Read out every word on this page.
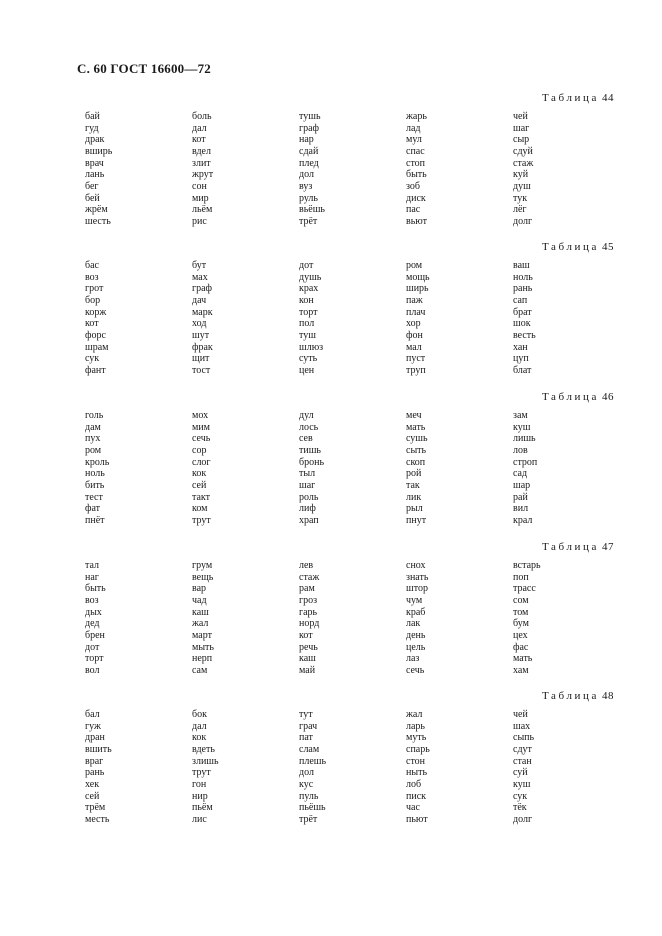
С. 60 ГОСТ 16600—72
Таблица 44
бай
гуд
драк
вширь
врач
лань
бег
бей
жрём
шесть
боль
дал
кот
вдел
злит
жрут
сон
мир
льём
рис
тушь
граф
нар
сдай
плед
дол
вуз
руль
вьёшь
трёт
жарь
лад
мул
спас
стоп
быть
зоб
диск
пас
вьют
чей
шаг
сыр
сдуй
стаж
куй
душ
тук
лёг
долг
Таблица 45
бас
воз
грот
бор
корж
кот
форс
шрам
сук
фант
бут
мах
граф
дач
марк
ход
шут
фрак
щит
тост
дот
душь
крах
кон
торт
пол
туш
шлюз
суть
цен
ром
мощь
ширь
паж
плач
хор
фон
мал
пуст
труп
ваш
ноль
рань
сап
брат
шок
весть
хан
цуп
блат
Таблица 46
голь
дам
пух
ром
кроль
ноль
бить
тест
фат
пнёт
мох
мим
сечь
сор
слог
кок
сей
такт
ком
трут
дул
лось
сев
тишь
бронь
тыл
шаг
роль
лиф
храп
меч
мать
сушь
сыть
скоп
рой
так
лик
рыл
пнут
зам
куш
лишь
лов
строп
сад
шар
рай
вил
крал
Таблица 47
тал
наг
быть
воз
дых
дед
брен
дот
торт
вол
грум
вещь
вар
чад
каш
жал
март
мыть
нерп
сам
лев
стаж
рам
гроз
гарь
норд
кот
речь
каш
май
снох
знать
штор
чум
краб
лак
день
цель
лаз
сечь
встарь
поп
трасс
сом
том
бум
цех
фас
мать
хам
Таблица 48
бал
гуж
дран
вшить
враг
рань
хек
сей
трём
месть
бок
дал
кок
вдеть
злишь
трут
гон
нир
пьём
лис
тут
грач
пат
слам
плешь
дол
кус
пуль
пьёшь
трёт
жал
ларь
муть
спарь
стон
ныть
лоб
писк
час
пьют
чей
шах
сыпь
сдут
стан
суй
куш
сук
тёк
долг
